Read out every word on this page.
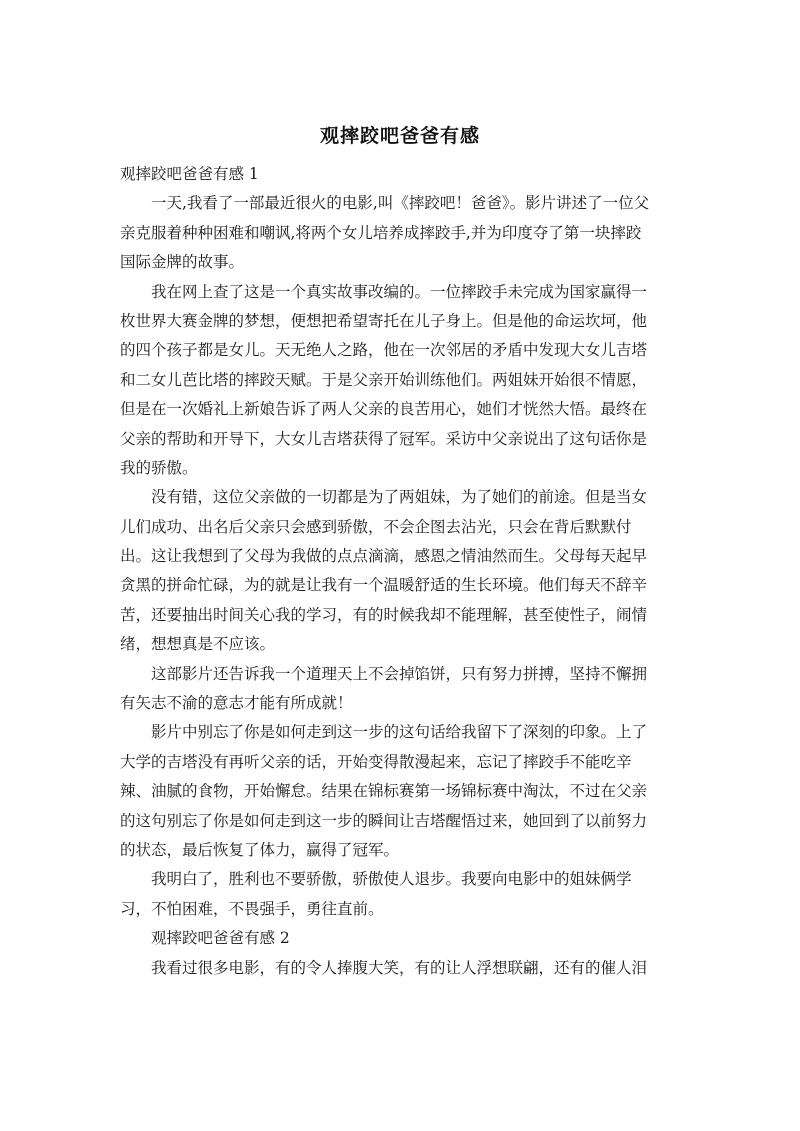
观摔跤吧爸爸有感
观摔跤吧爸爸有感 1
一天,我看了一部最近很火的电影,叫《摔跤吧！爸爸》。影片讲述了一位父
亲克服着种种困难和嘲讽,将两个女儿培养成摔跤手,并为印度夺了第一块摔跤
国际金牌的故事。
我在网上查了这是一个真实故事改编的。一位摔跤手未完成为国家赢得一
枚世界大赛金牌的梦想，便想把希望寄托在儿子身上。但是他的命运坎坷，他
的四个孩子都是女儿。天无绝人之路，他在一次邻居的矛盾中发现大女儿吉塔
和二女儿芭比塔的摔跤天赋。于是父亲开始训练他们。两姐妹开始很不情愿，
但是在一次婚礼上新娘告诉了两人父亲的良苦用心，她们才恍然大悟。最终在
父亲的帮助和开导下，大女儿吉塔获得了冠军。采访中父亲说出了这句话你是
我的骄傲。
没有错，这位父亲做的一切都是为了两姐妹，为了她们的前途。但是当女
儿们成功、出名后父亲只会感到骄傲，不会企图去沾光，只会在背后默默付
出。这让我想到了父母为我做的点点滴滴，感恩之情油然而生。父母每天起早
贪黑的拼命忙碌，为的就是让我有一个温暖舒适的生长环境。他们每天不辞辛
苦，还要抽出时间关心我的学习，有的时候我却不能理解，甚至使性子，闹情
绪，想想真是不应该。
这部影片还告诉我一个道理天上不会掉馅饼，只有努力拼搏，坚持不懈拥
有矢志不渝的意志才能有所成就！
影片中别忘了你是如何走到这一步的这句话给我留下了深刻的印象。上了
大学的吉塔没有再听父亲的话，开始变得散漫起来，忘记了摔跤手不能吃辛
辣、油腻的食物，开始懈怠。结果在锦标赛第一场锦标赛中淘汰，不过在父亲
的这句别忘了你是如何走到这一步的瞬间让吉塔醒悟过来，她回到了以前努力
的状态，最后恢复了体力，赢得了冠军。
我明白了，胜利也不要骄傲，骄傲使人退步。我要向电影中的姐妹俩学
习，不怕困难，不畏强手，勇往直前。
观摔跤吧爸爸有感 2
我看过很多电影，有的令人捧腹大笑，有的让人浮想联翩，还有的催人泪
